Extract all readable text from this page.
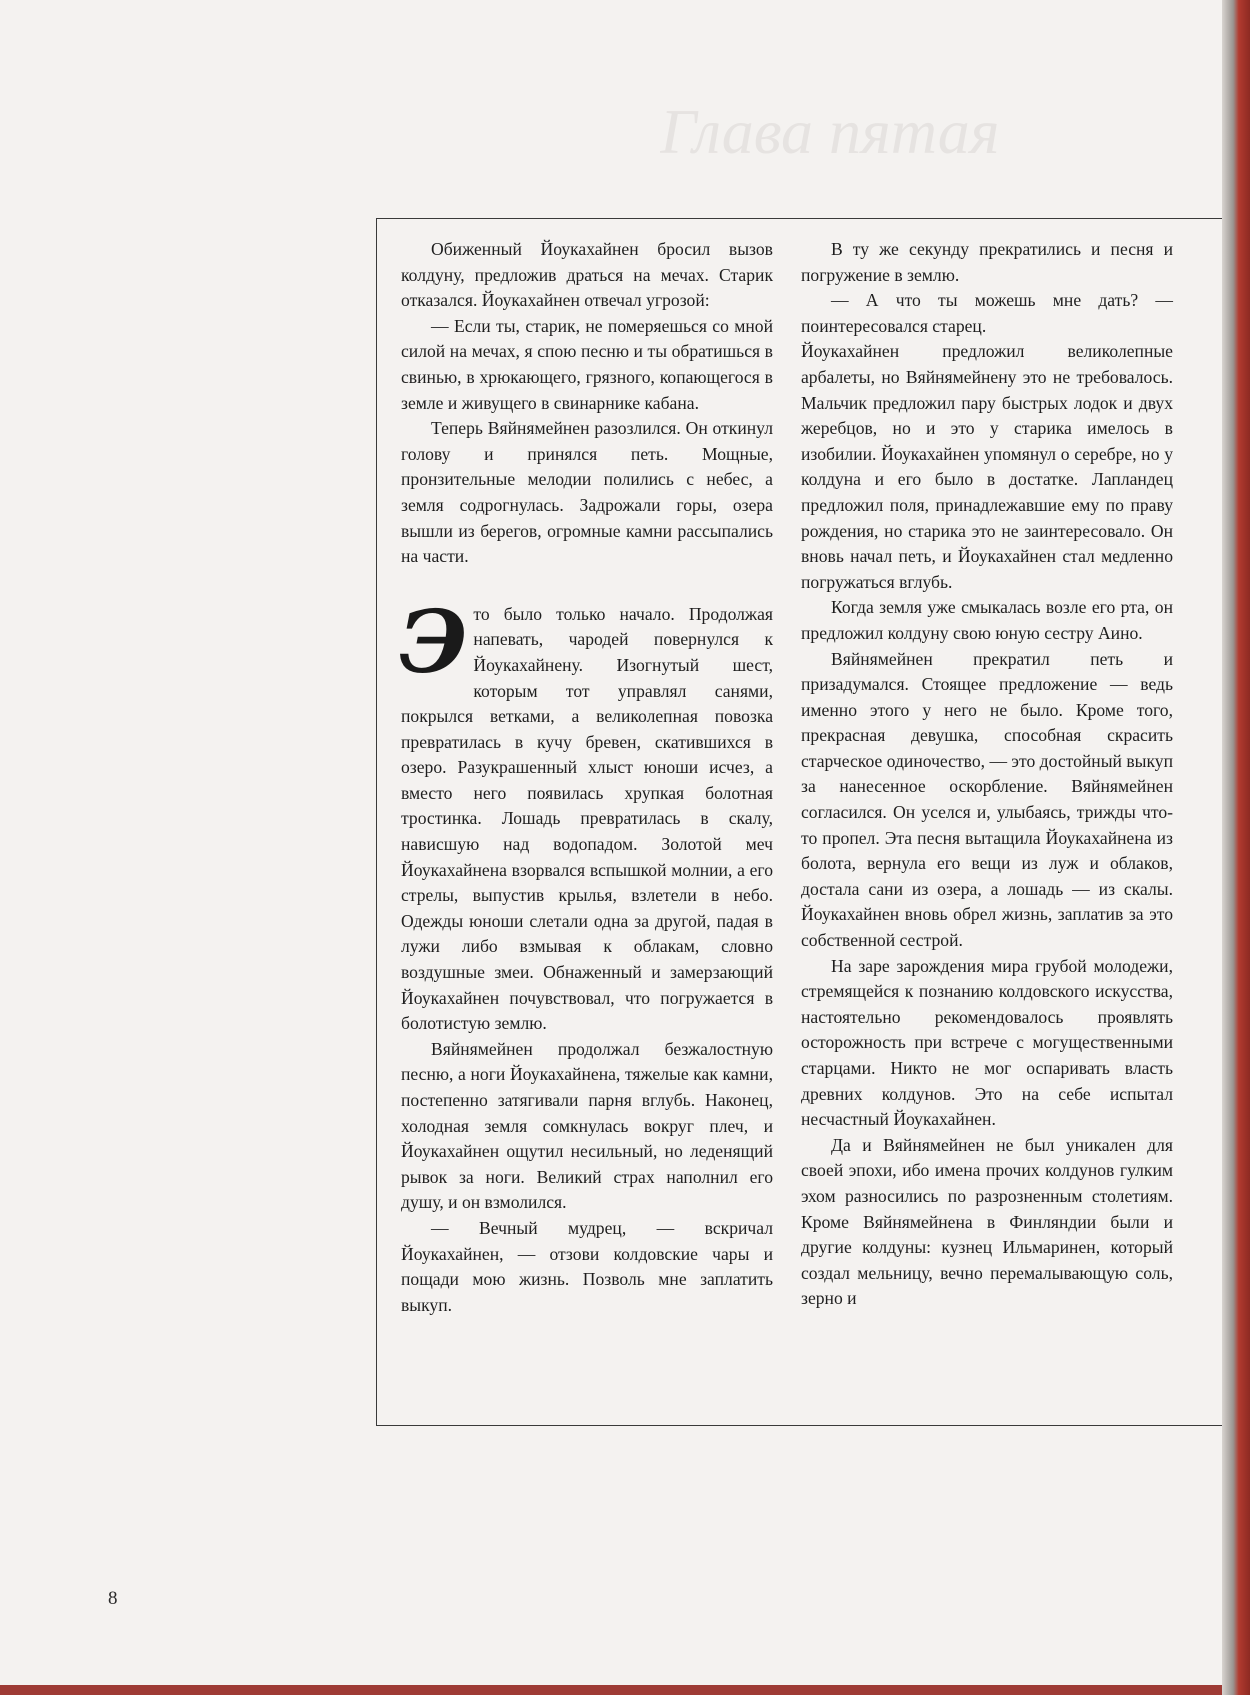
Глава пятая

Обиженный Йоукахайнен бросил вызов колдуну, предложив драться на мечах. Старик отказался. Йоукахайнен отвечал угрозой:

— Если ты, старик, не померяешься со мной силой на мечах, я спою песню и ты обратишься в свинью, в хрюкающего, грязного, копающегося в земле и живущего в свинарнике кабана.

Теперь Вяйнямейнен разозлился. Он откинул голову и принялся петь. Мощные, пронзительные мелодии полились с небес, а земля содрогнулась. Задрожали горы, озера вышли из берегов, огромные камни рассыпались на части.

Это было только начало. Продолжая напевать, чародей повернулся к Йоукахайнену. Изогнутый шест, которым тот управлял санями, покрылся ветками, а великолепная повозка превратилась в кучу бревен, скатившихся в озеро. Разукрашенный хлыст юноши исчез, а вместо него появилась хрупкая болотная тростинка. Лошадь превратилась в скалу, нависшую над водопадом. Золотой меч Йоукахайнена взорвался вспышкой молнии, а его стрелы, выпустив крылья, взлетели в небо. Одежды юноши слетали одна за другой, падая в лужи либо взмывая к облакам, словно воздушные змеи. Обнаженный и замерзающий Йоукахайнен почувствовал, что погружается в болотистую землю.

Вяйнямейнен продолжал безжалостную песню, а ноги Йоукахайнена, тяжелые как камни, постепенно затягивали парня вглубь. Наконец, холодная земля сомкнулась вокруг плеч, и Йоукахайнен ощутил несильный, но леденящий рывок за ноги. Великий страх наполнил его душу, и он взмолился.

— Вечный мудрец, — вскричал Йоукахайнен, — отзови колдовские чары и пощади мою жизнь. Позволь мне заплатить выкуп.

В ту же секунду прекратились и песня и погружение в землю.

— А что ты можешь мне дать? — поинтересовался старец.

Йоукахайнен предложил великолепные арбалеты, но Вяйнямейнену это не требовалось. Мальчик предложил пару быстрых лодок и двух жеребцов, но и это у старика имелось в изобилии. Йоукахайнен упомянул о серебре, но у колдуна и его было в достатке. Лапландец предложил поля, принадлежавшие ему по праву рождения, но старика это не заинтересовало. Он вновь начал петь, и Йоукахайнен стал медленно погружаться вглубь.

Когда земля уже смыкалась возле его рта, он предложил колдуну свою юную сестру Аино.

Вяйнямейнен прекратил петь и призадумался. Стоящее предложение — ведь именно этого у него не было. Кроме того, прекрасная девушка, способная скрасить старческое одиночество, — это достойный выкуп за нанесенное оскорбление. Вяйнямейнен согласился. Он уселся и, улыбаясь, трижды что-то пропел. Эта песня вытащила Йоукахайнена из болота, вернула его вещи из луж и облаков, достала сани из озера, а лошадь — из скалы. Йоукахайнен вновь обрел жизнь, заплатив за это собственной сестрой.

На заре зарождения мира грубой молодежи, стремящейся к познанию колдовского искусства, настоятельно рекомендовалось проявлять осторожность при встрече с могущественными старцами. Никто не мог оспаривать власть древних колдунов. Это на себе испытал несчастный Йоукахайнен.

Да и Вяйнямейнен не был уникален для своей эпохи, ибо имена прочих колдунов гулким эхом разносились по разрозненным столетиям. Кроме Вяйнямейнена в Финляндии были и другие колдуны: кузнец Ильмаринен, который создал мельницу, вечно перемалывающую соль, зерно и

8
